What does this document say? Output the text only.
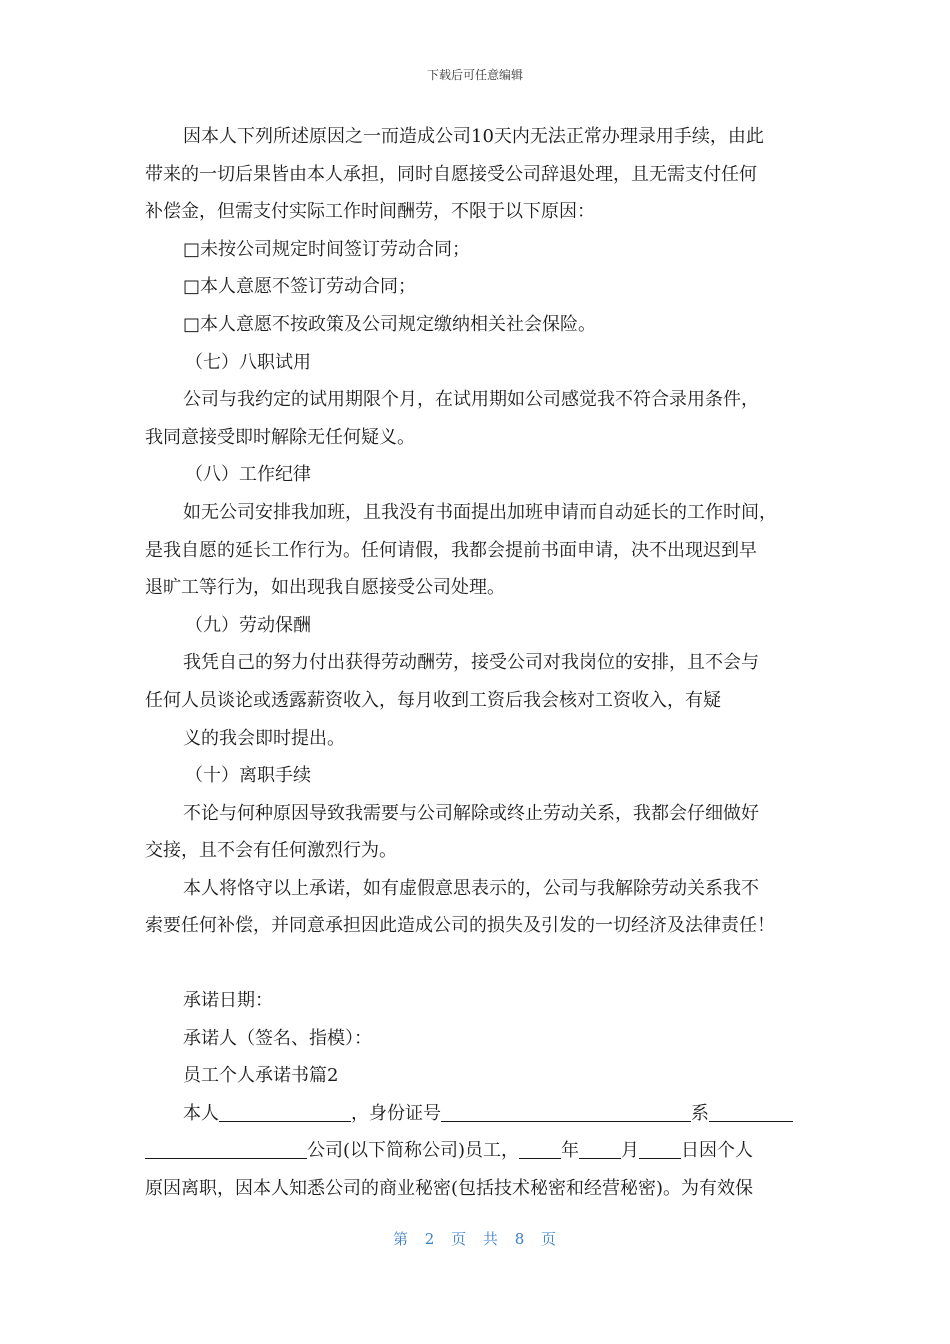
下载后可任意编辑
因本人下列所述原因之一而造成公司10天内无法正常办理录用手续，由此
带来的一切后果皆由本人承担，同时自愿接受公司辞退处理，且无需支付任何
补偿金，但需支付实际工作时间酬劳，不限于以下原因：
□未按公司规定时间签订劳动合同；
□本人意愿不签订劳动合同；
□本人意愿不按政策及公司规定缴纳相关社会保险。
（七）八职试用
公司与我约定的试用期限个月，在试用期如公司感觉我不符合录用条件，
我同意接受即时解除无任何疑义。
（八）工作纪律
如无公司安排我加班，且我没有书面提出加班申请而自动延长的工作时间，
是我自愿的延长工作行为。任何请假，我都会提前书面申请，决不出现迟到早
退旷工等行为，如出现我自愿接受公司处理。
（九）劳动保酬
我凭自己的努力付出获得劳动酬劳，接受公司对我岗位的安排，且不会与
任何人员谈论或透露薪资收入，每月收到工资后我会核对工资收入，有疑
义的我会即时提出。
（十）离职手续
不论与何种原因导致我需要与公司解除或终止劳动关系，我都会仔细做好
交接，且不会有任何激烈行为。
本人将恪守以上承诺，如有虚假意思表示的，公司与我解除劳动关系我不
索要任何补偿，并同意承担因此造成公司的损失及引发的一切经济及法律责任！
承诺日期：
承诺人（签名、指模）：
员工个人承诺书篇2
本人	，身份证号	系
公司(以下简称公司)员工， 年 月 日因个人
原因离职，因本人知悉公司的商业秘密(包括技术秘密和经营秘密)。为有效保
第 2 页 共 8 页
